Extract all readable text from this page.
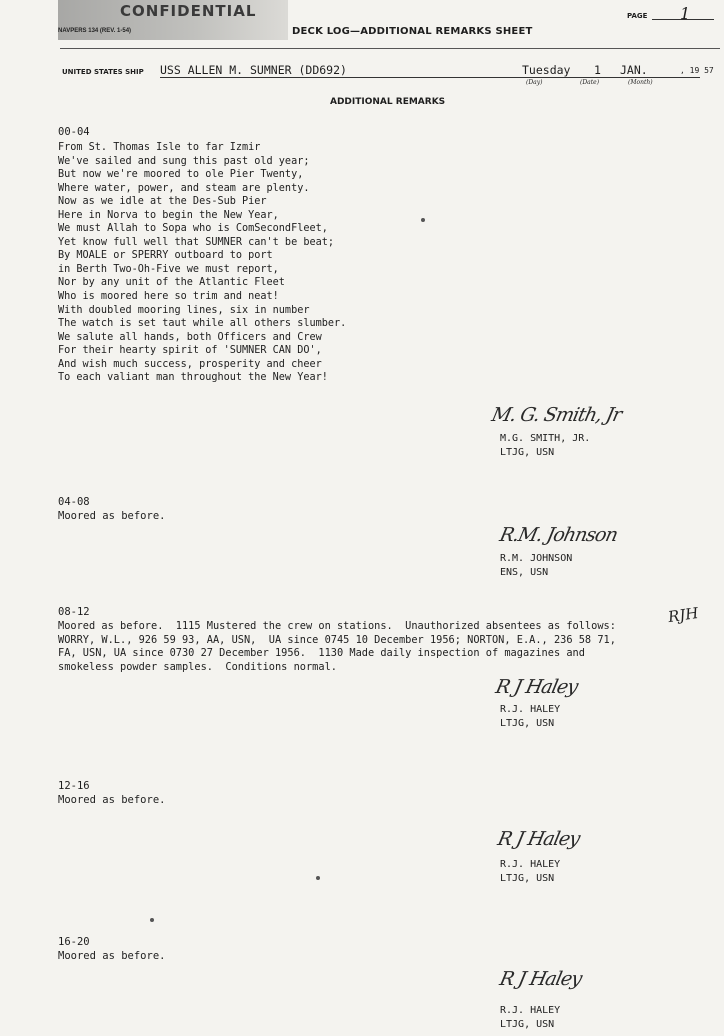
CONFIDENTIAL
NAVPERS 134 (REV. 1-54)	DECK LOG—ADDITIONAL REMARKS SHEET
PAGE 1
UNITED STATES SHIP USS ALLEN M. SUMNER (DD692)	Tuesday 1 JAN.	, 19 57
(Day)	(Date)	(Month)
ADDITIONAL REMARKS
00-04
From St. Thomas Isle to far Izmir
We've sailed and sung this past old year;
But now we're moored to ole Pier Twenty,
Where water, power, and steam are plenty.
Now as we idle at the Des-Sub Pier
Here in Norva to begin the New Year,
We must Allah to Sopa who is ComSecondFleet,
Yet know full well that SUMNER can't be beat;
By MOALE or SPERRY outboard to port
in Berth Two-Oh-Five we must report,
Nor by any unit of the Atlantic Fleet
Who is moored here so trim and neat!
With doubled mooring lines, six in number
The watch is set taut while all others slumber.
We salute all hands, both Officers and Crew
For their hearty spirit of 'SUMNER CAN DO',
And wish much success, prosperity and cheer
To each valiant man throughout the New Year!
M. G. Smith, Jr
M.G. SMITH, JR.
LTJG, USN
04-08
Moored as before.
R.M. Johnson
R.M. JOHNSON
ENS, USN
08-12
Moored as before.  1115 Mustered the crew on stations.  Unauthorized absentees as follows:
WORRY, W.L., 926 59 93, AA, USN,  UA since 0745 10 December 1956; NORTON, E.A., 236 58 71,
FA, USN, UA since 0730 27 December 1956.  1130 Made daily inspection of magazines and
smokeless powder samples.  Conditions normal.
RJH
R J Haley
R.J. HALEY
LTJG, USN
12-16
Moored as before.
R J Haley
R.J. HALEY
LTJG, USN
16-20
Moored as before.
R J Haley
R.J. HALEY
LTJG, USN
